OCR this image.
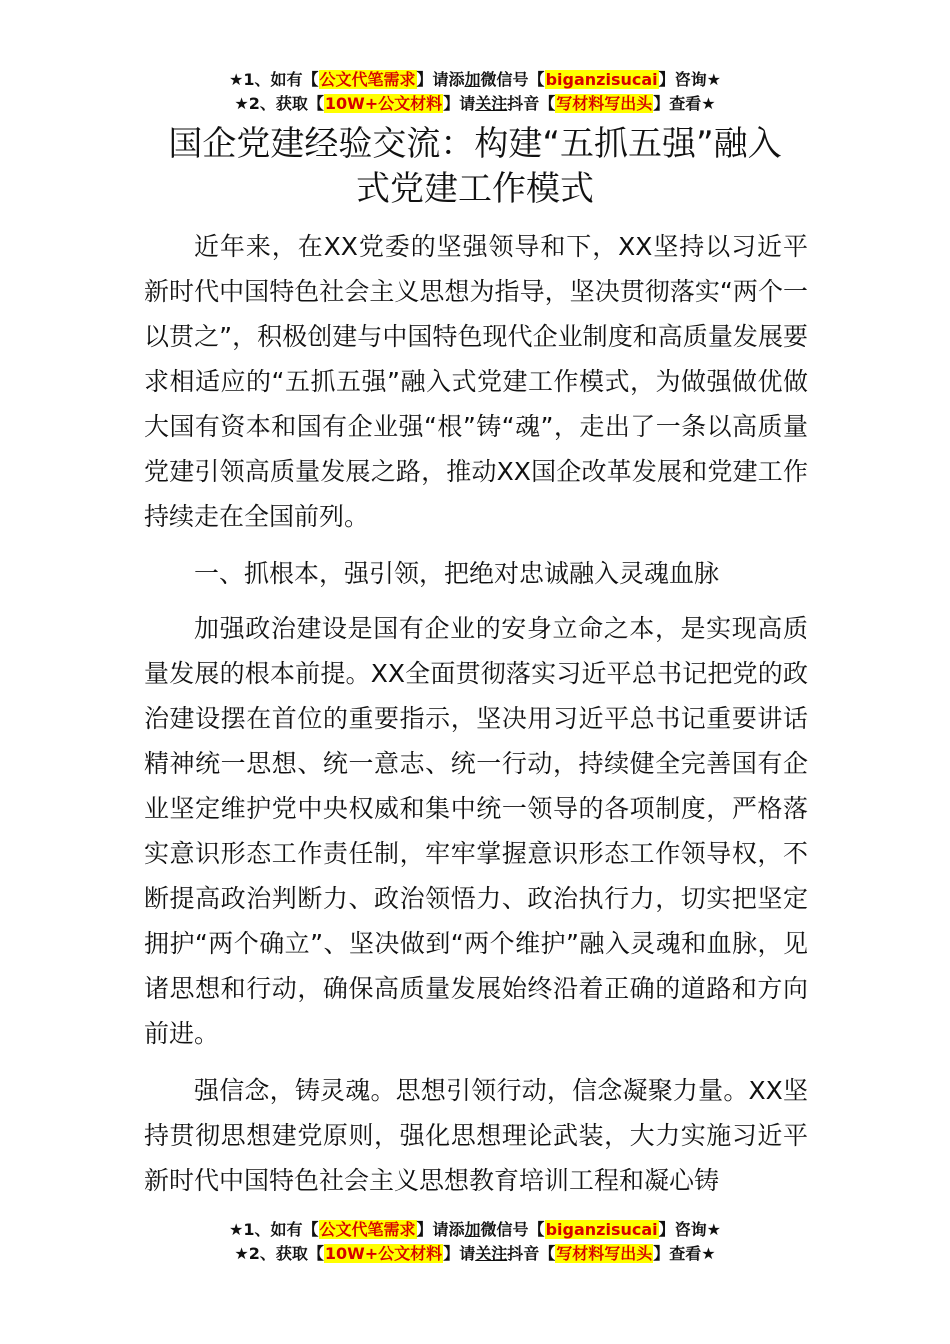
★1、如有【公文代笔需求】请添加微信号【biganzisucai】咨询★
★2、获取【10W+公文材料】请关注抖音【写材料写出头】查看★
国企党建经验交流：构建“五抓五强”融入
式党建工作模式

近年来，在XX党委的坚强领导和下，XX坚持以习近平新时代中国特色社会主义思想为指导，坚决贯彻落实“两个一以贯之”，积极创建与中国特色现代企业制度和高质量发展要求相适应的“五抓五强”融入式党建工作模式，为做强做优做大国有资本和国有企业强“根”铸“魂”，走出了一条以高质量党建引领高质量发展之路，推动XX国企改革发展和党建工作持续走在全国前列。

一、抓根本，强引领，把绝对忠诚融入灵魂血脉

加强政治建设是国有企业的安身立命之本，是实现高质量发展的根本前提。XX全面贯彻落实习近平总书记把党的政治建设摆在首位的重要指示，坚决用习近平总书记重要讲话精神统一思想、统一意志、统一行动，持续健全完善国有企业坚定维护党中央权威和集中统一领导的各项制度，严格落实意识形态工作责任制，牢牢掌握意识形态工作领导权，不断提高政治判断力、政治领悟力、政治执行力，切实把坚定拥护“两个确立”、坚决做到“两个维护”融入灵魂和血脉，见诸思想和行动，确保高质量发展始终沿着正确的道路和方向前进。

强信念，铸灵魂。思想引领行动，信念凝聚力量。XX坚持贯彻思想建党原则，强化思想理论武装，大力实施习近平新时代中国特色社会主义思想教育培训工程和凝心铸

★1、如有【公文代笔需求】请添加微信号【biganzisucai】咨询★
★2、获取【10W+公文材料】请关注抖音【写材料写出头】查看★
